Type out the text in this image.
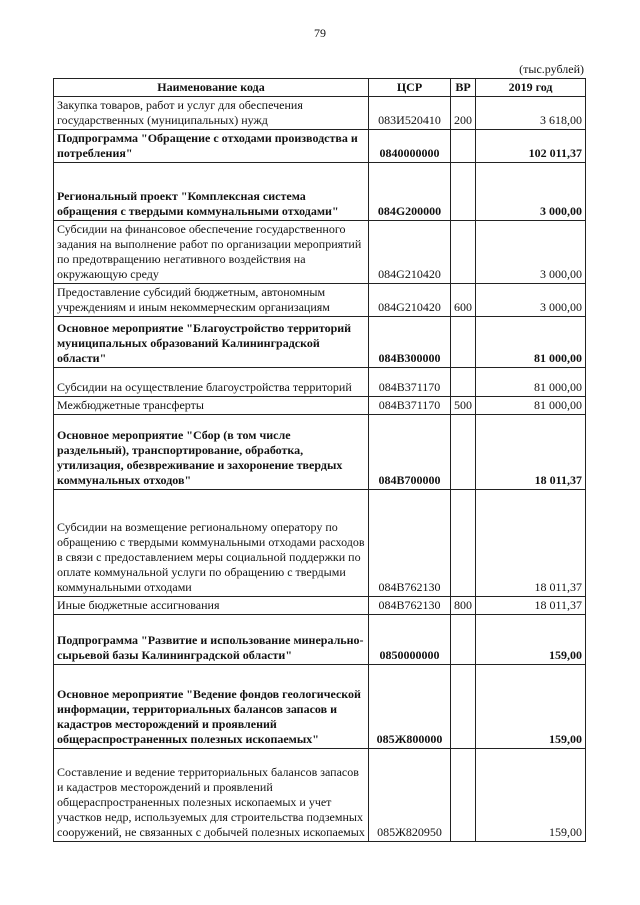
79
(тыс.рублей)
Наименование кода	ЦСР	ВР	2019 год
Закупка товаров, работ и услуг для обеспечения государственных (муниципальных) нужд	083И520410	200	3 618,00
Подпрограмма "Обращение с отходами производства и потребления"	0840000000		102 011,37
Региональный проект "Комплексная система обращения с твердыми коммунальными отходами"	084G200000		3 000,00
Субсидии на финансовое обеспечение государственного задания на выполнение работ по организации мероприятий по предотвращению негативного воздействия на окружающую среду	084G210420		3 000,00
Предоставление субсидий бюджетным, автономным учреждениям и иным некоммерческим организациям	084G210420	600	3 000,00
Основное мероприятие "Благоустройство территорий муниципальных образований Калининградской области"	084В300000		81 000,00
Субсидии на осуществление благоустройства территорий	084В371170		81 000,00
Межбюджетные трансферты	084В371170	500	81 000,00
Основное мероприятие "Сбор (в том числе раздельный), транспортирование, обработка, утилизация, обезвреживание и захоронение твердых коммунальных отходов"	084В700000		18 011,37
Субсидии на возмещение региональному оператору по обращению с твердыми коммунальными отходами расходов в связи с предоставлением меры социальной поддержки по оплате коммунальной услуги по обращению с твердыми коммунальными отходами	084В762130		18 011,37
Иные бюджетные ассигнования	084В762130	800	18 011,37
Подпрограмма "Развитие и использование минерально-сырьевой базы Калининградской области"	0850000000		159,00
Основное мероприятие "Ведение фондов геологической информации, территориальных балансов запасов и кадастров месторождений и проявлений общераспространенных полезных ископаемых"	085Ж800000		159,00
Составление и ведение территориальных балансов запасов и кадастров месторождений и проявлений общераспространенных полезных ископаемых и учет участков недр, используемых для строительства подземных сооружений, не связанных с добычей полезных ископаемых	085Ж820950		159,00
